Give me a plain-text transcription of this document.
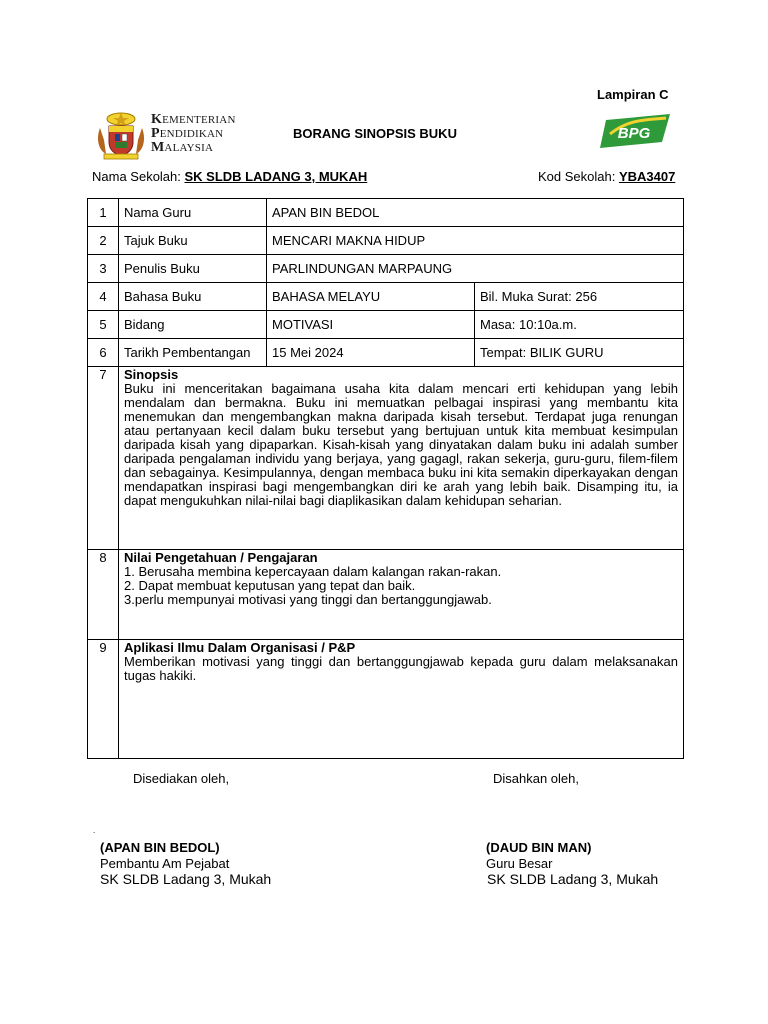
Lampiran C
KEMENTERIAN
PENDIDIKAN
MALAYSIA
BORANG SINOPSIS BUKU	BPG
Nama Sekolah: SK SLDB LADANG 3, MUKAH	Kod Sekolah: YBA3407
1	Nama Guru	APAN BIN BEDOL	
2	Tajuk Buku	MENCARI MAKNA HIDUP	
3	Penulis Buku	PARLINDUNGAN MARPAUNG	
4	Bahasa Buku	BAHASA MELAYU	Bil. Muka Surat: 256
5	Bidang	MOTIVASI	Masa: 10:10a.m.
6	Tarikh Pembentangan	15 Mei 2024	Tempat: BILIK GURU
7	Sinopsis
Buku ini menceritakan bagaimana usaha kita dalam mencari erti kehidupan yang lebih mendalam dan bermakna. Buku ini memuatkan pelbagai inspirasi yang membantu kita menemukan dan mengembangkan makna daripada kisah tersebut. Terdapat juga renungan atau pertanyaan kecil dalam buku tersebut yang bertujuan untuk kita membuat kesimpulan daripada kisah yang dipaparkan. Kisah-kisah yang dinyatakan dalam buku ini adalah sumber daripada pengalaman individu yang berjaya, yang gagagl, rakan sekerja, guru-guru, filem-filem dan sebagainya. Kesimpulannya, dengan membaca buku ini kita semakin diperkayakan dengan mendapatkan inspirasi bagi mengembangkan diri ke arah yang lebih baik. Disamping itu, ia dapat mengukuhkan nilai-nilai bagi diaplikasikan dalam kehidupan seharian.		

8	Nilai Pengetahuan / Pengajaran
1. Berusaha membina kepercayaan dalam kalangan rakan-rakan.
2. Dapat membuat keputusan yang tepat dan baik.
3.perlu mempunyai motivasi yang tinggi dan bertanggungjawab.		

9	Aplikasi Ilmu Dalam Organisasi / P&P
Memberikan motivasi yang tinggi dan bertanggungjawab kepada guru dalam melaksanakan tugas hakiki.		
Disediakan oleh,	Disahkan oleh,
.
(APAN BIN BEDOL)
Pembantu Am Pejabat
SK SLDB Ladang 3, Mukah
(DAUD BIN MAN)
Guru Besar
SK SLDB Ladang 3, Mukah
